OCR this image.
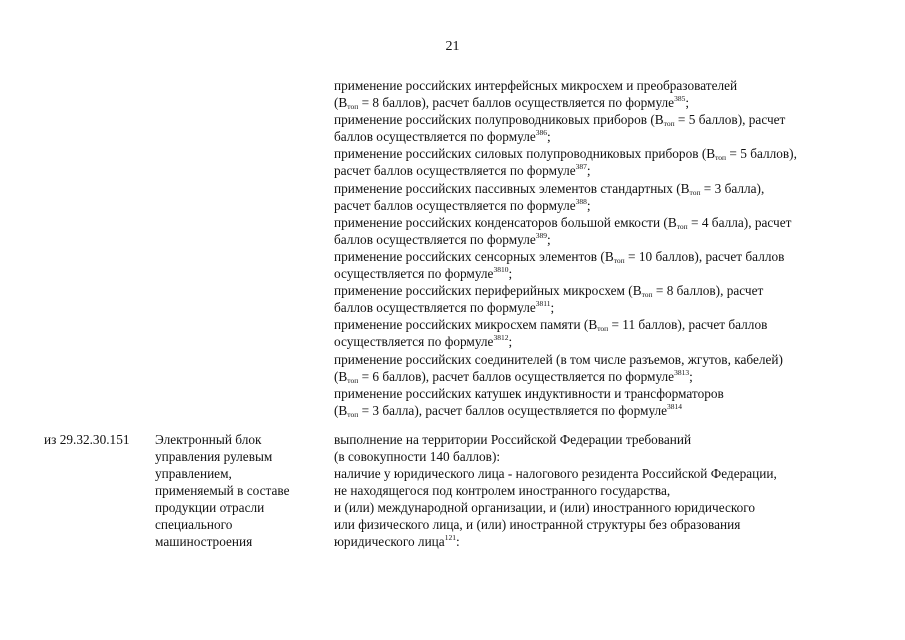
21
применение российских интерфейсных микросхем и преобразователей
($В_{топ} = 8$ баллов), расчет баллов осуществляется по формуле$^{385}$;
применение российских полупроводниковых приборов ($В_{топ} = 5$ баллов), расчет
баллов осуществляется по формуле$^{386}$;
применение российских силовых полупроводниковых приборов ($В_{топ} = 5$ баллов),
расчет баллов осуществляется по формуле$^{387}$;
применение российских пассивных элементов стандартных ($В_{топ} = 3$ балла),
расчет баллов осуществляется по формуле$^{388}$;
применение российских конденсаторов большой емкости ($В_{топ} = 4$ балла), расчет
баллов осуществляется по формуле$^{389}$;
применение российских сенсорных элементов ($В_{топ} = 10$ баллов), расчет баллов
осуществляется по формуле$^{3810}$;
применение российских периферийных микросхем ($В_{топ} = 8$ баллов), расчет
баллов осуществляется по формуле$^{3811}$;
применение российских микросхем памяти ($В_{топ} = 11$ баллов), расчет баллов
осуществляется по формуле$^{3812}$;
применение российских соединителей (в том числе разъемов, жгутов, кабелей)
($В_{топ} = 6$ баллов), расчет баллов осуществляется по формуле$^{3813}$;
применение российских катушек индуктивности и трансформаторов
($В_{топ} = 3$ балла), расчет баллов осуществляется по формуле$^{3814}$
из 29.32.30.151	Электронный блок
управления рулевым
управлением,
применяемый в составе
продукции отрасли
специального
машиностроения
выполнение на территории Российской Федерации требований
(в совокупности 140 баллов):
наличие у юридического лица - налогового резидента Российской Федерации,
не находящегося под контролем иностранного государства,
и (или) международной организации, и (или) иностранного юридического
или физического лица, и (или) иностранной структуры без образования
юридического лица$^{121}$:
